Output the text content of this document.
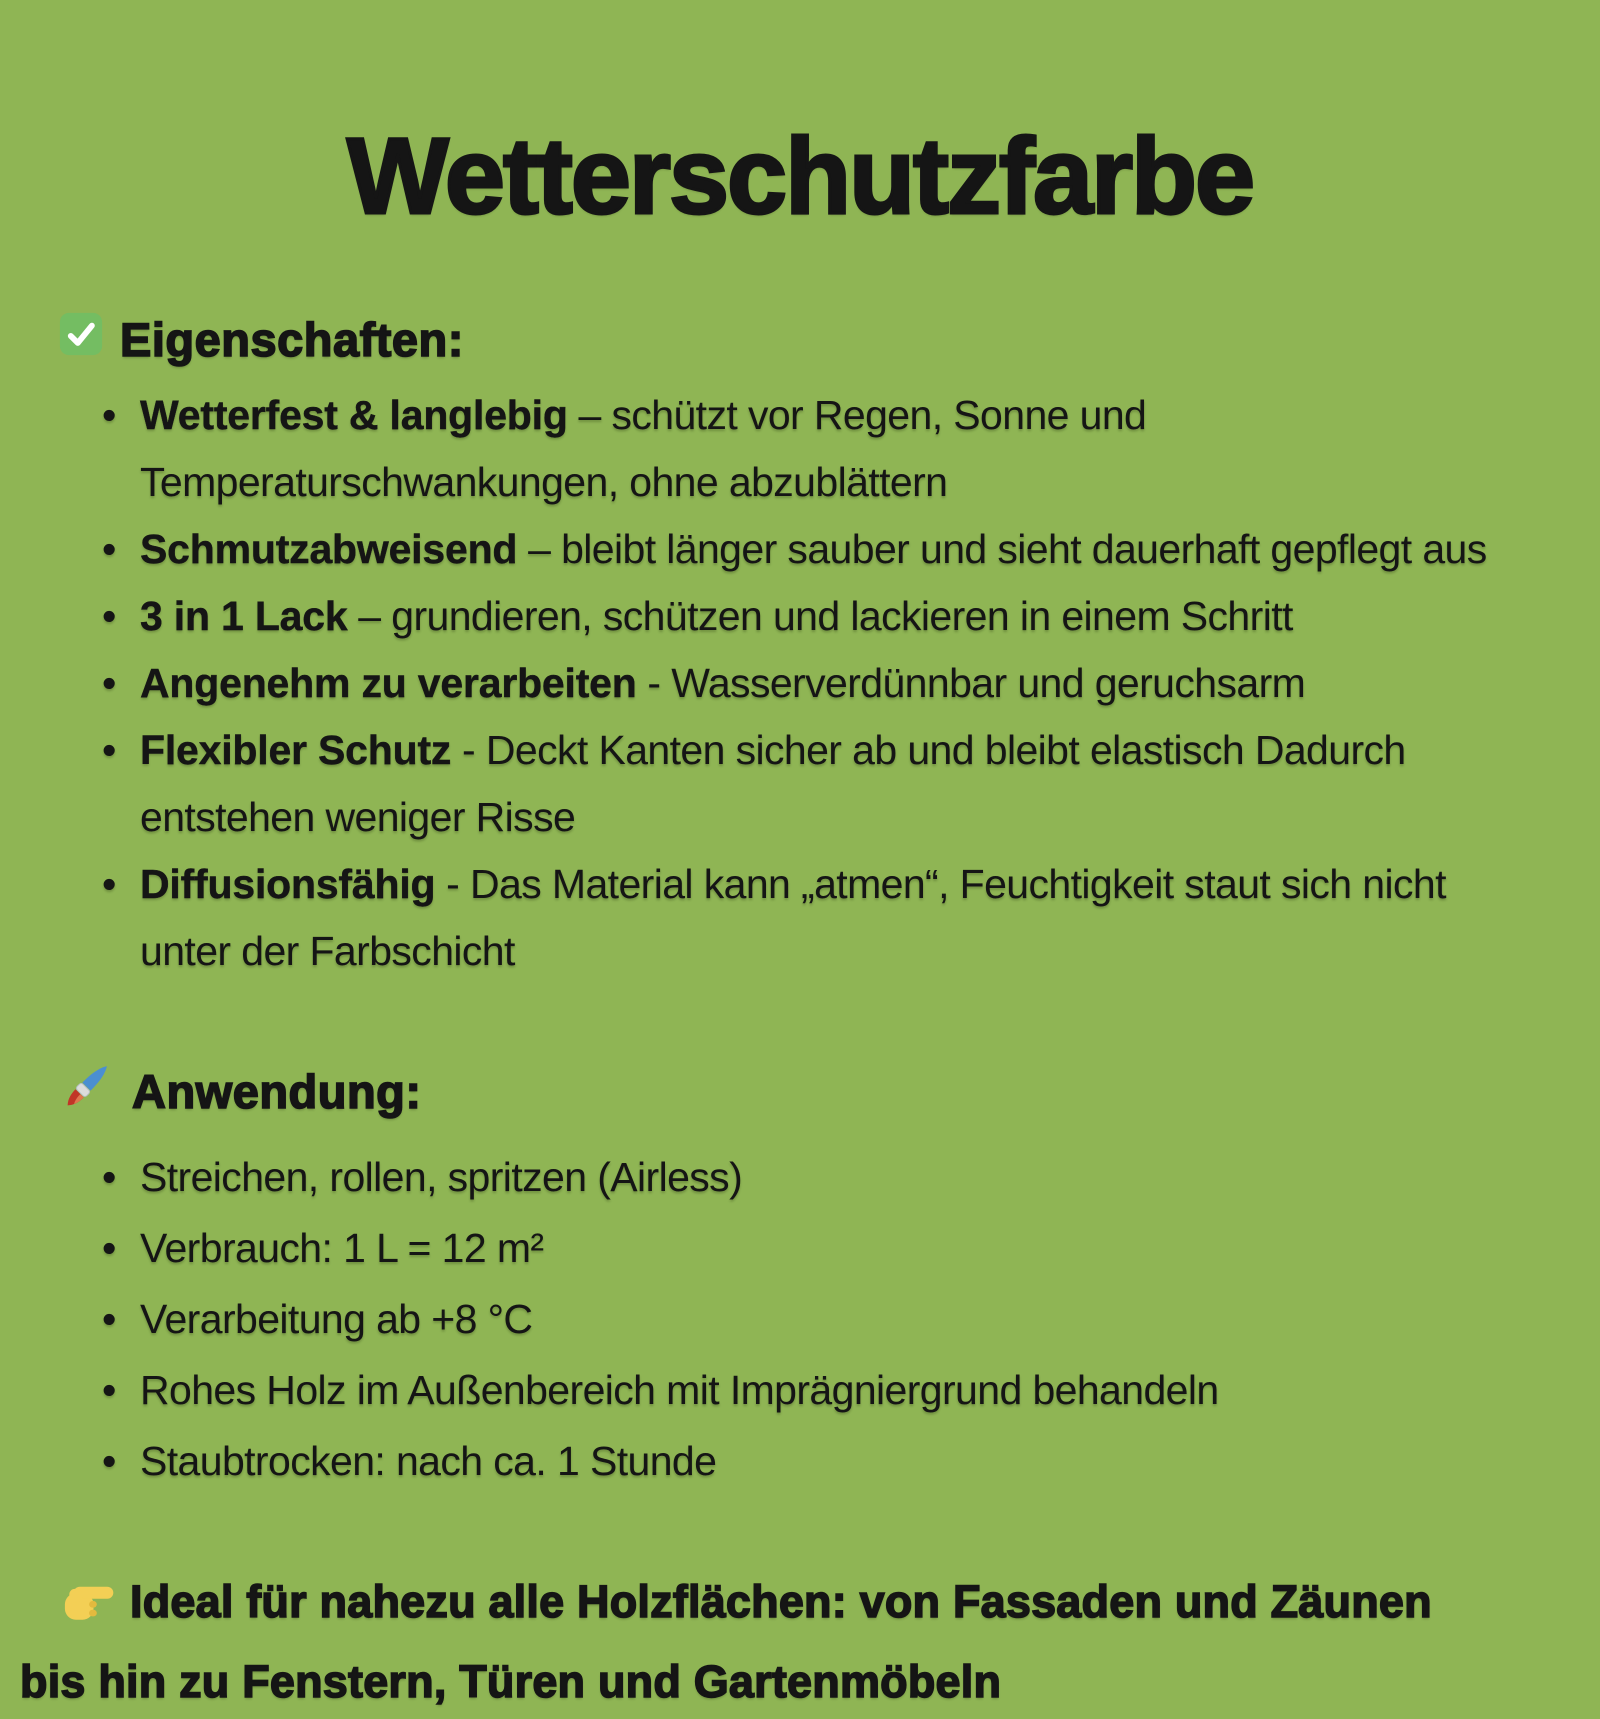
Wetterschutzfarbe
Eigenschaften:
• Wetterfest & langlebig – schützt vor Regen, Sonne und Temperaturschwankungen, ohne abzublättern
• Schmutzabweisend – bleibt länger sauber und sieht dauerhaft gepflegt aus
• 3 in 1 Lack – grundieren, schützen und lackieren in einem Schritt
• Angenehm zu verarbeiten - Wasserverdünnbar und geruchsarm
• Flexibler Schutz - Deckt Kanten sicher ab und bleibt elastisch Dadurch entstehen weniger Risse
• Diffusionsfähig - Das Material kann „atmen“, Feuchtigkeit staut sich nicht unter der Farbschicht
Anwendung:
• Streichen, rollen, spritzen (Airless)
• Verbrauch: 1 L = 12 m²
• Verarbeitung ab +8 °C
• Rohes Holz im Außenbereich mit Imprägniergrund behandeln
• Staubtrocken: nach ca. 1 Stunde

Ideal für nahezu alle Holzflächen: von Fassaden und Zäunen bis hin zu Fenstern, Türen und Gartenmöbeln
